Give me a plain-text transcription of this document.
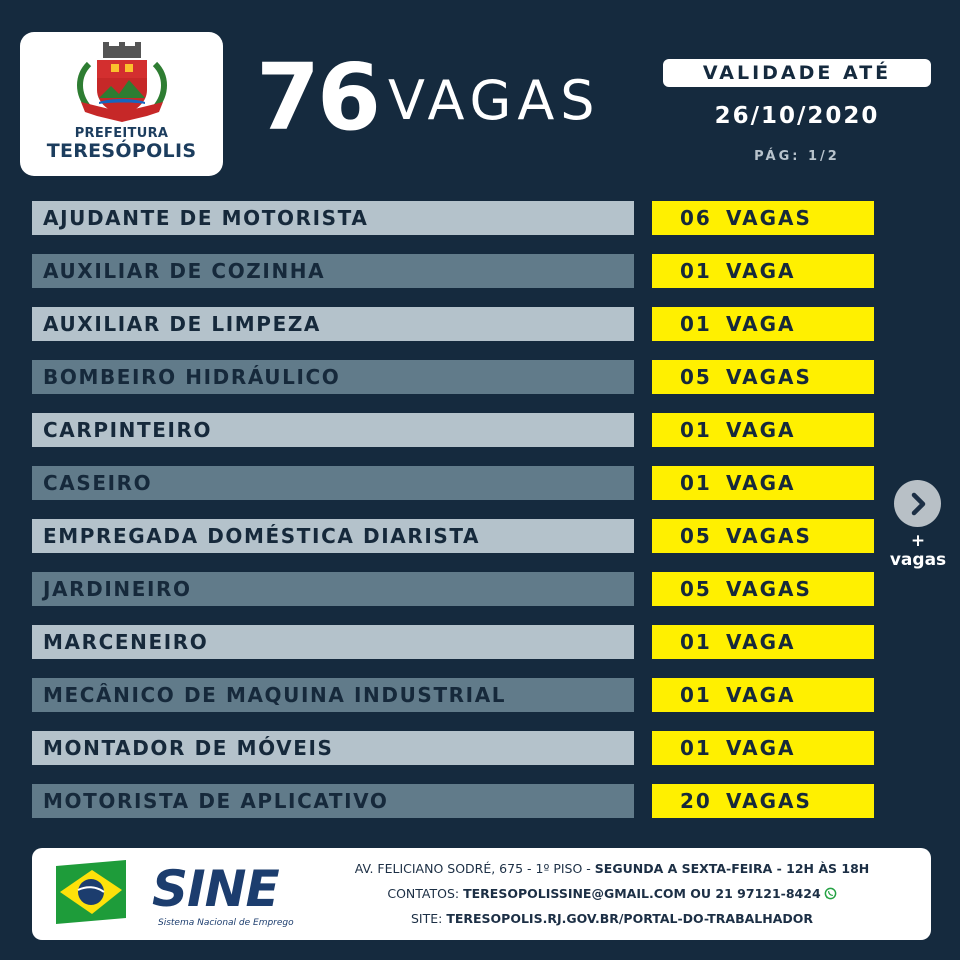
PREFEITURA
TERESÓPOLIS 76 VAGAS	VALIDADE ATÉ
26/10/2020
PÁG: 1/2
AJUDANTE DE MOTORISTA	06 VAGAS
AUXILIAR DE COZINHA	01 VAGA
AUXILIAR DE LIMPEZA	01 VAGA
BOMBEIRO HIDRÁULICO	05 VAGAS
CARPINTEIRO	01 VAGA
CASEIRO	01 VAGA
EMPREGADA DOMÉSTICA DIARISTA	05 VAGAS
JARDINEIRO	05 VAGAS
MARCENEIRO	01 VAGA
MECÂNICO DE MAQUINA INDUSTRIAL	01 VAGA
MONTADOR DE MÓVEIS	01 VAGA
MOTORISTA DE APLICATIVO	20 VAGAS
+
vagas
SINE
Sistema Nacional de Emprego
AV. FELICIANO SODRÉ, 675 - 1º PISO - SEGUNDA A SEXTA-FEIRA - 12H ÀS 18H
CONTATOS: TERESOPOLISSINE@GMAIL.COM OU 21 97121-8424
SITE: TERESOPOLIS.RJ.GOV.BR/PORTAL-DO-TRABALHADOR
